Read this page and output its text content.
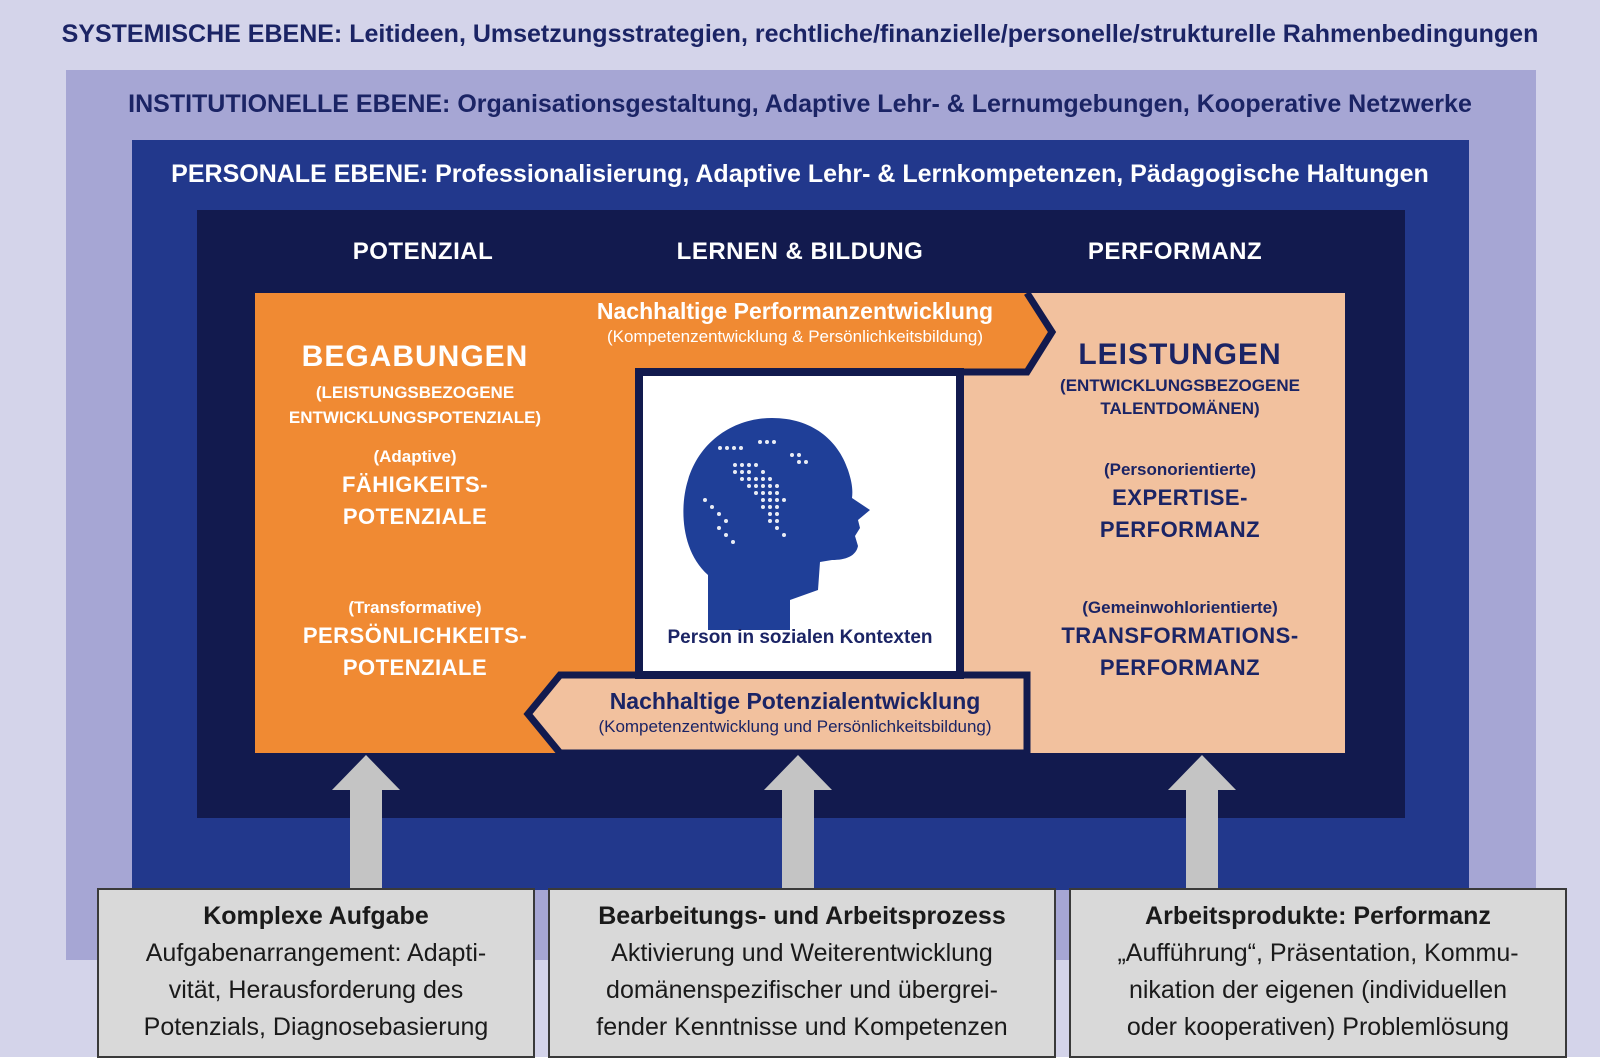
SYSTEMISCHE EBENE: Leitideen, Umsetzungsstrategien, rechtliche/finanzielle/personelle/strukturelle Rahmenbedingungen
INSTITUTIONELLE EBENE: Organisationsgestaltung, Adaptive Lehr- & Lernumgebungen, Kooperative Netzwerke
PERSONALE EBENE: Professionalisierung, Adaptive Lehr- & Lernkompetenzen, Pädagogische Haltungen
POTENZIAL	LERNEN & BILDUNG	PERFORMANZ
Nachhaltige Performanzentwicklung
(Kompetenzentwicklung & Persönlichkeitsbildung)
Nachhaltige Potenzialentwicklung
(Kompetenzentwicklung und Persönlichkeitsbildung)
Person in sozialen Kontexten
BEGABUNGEN
(LEISTUNGSBEZOGENE
ENTWICKLUNGSPOTENZIALE)
(Adaptive)
FÄHIGKEITS-
POTENZIALE
(Transformative)
PERSÖNLICHKEITS-
POTENZIALE
LEISTUNGEN
(ENTWICKLUNGSBEZOGENE
TALENTDOMÄNEN)
(Personorientierte)
EXPERTISE-
PERFORMANZ
(Gemeinwohlorientierte)
TRANSFORMATIONS-
PERFORMANZ
Komplexe Aufgabe
Aufgabenarrangement: Adapti-
vität, Herausforderung des
Potenzials, Diagnosebasierung
Bearbeitungs- und Arbeitsprozess
Aktivierung und Weiterentwicklung
domänenspezifischer und übergrei-
fender Kenntnisse und Kompetenzen
Arbeitsprodukte: Performanz
„Aufführung“, Präsentation, Kommu-
nikation der eigenen (individuellen
oder kooperativen) Problemlösung
